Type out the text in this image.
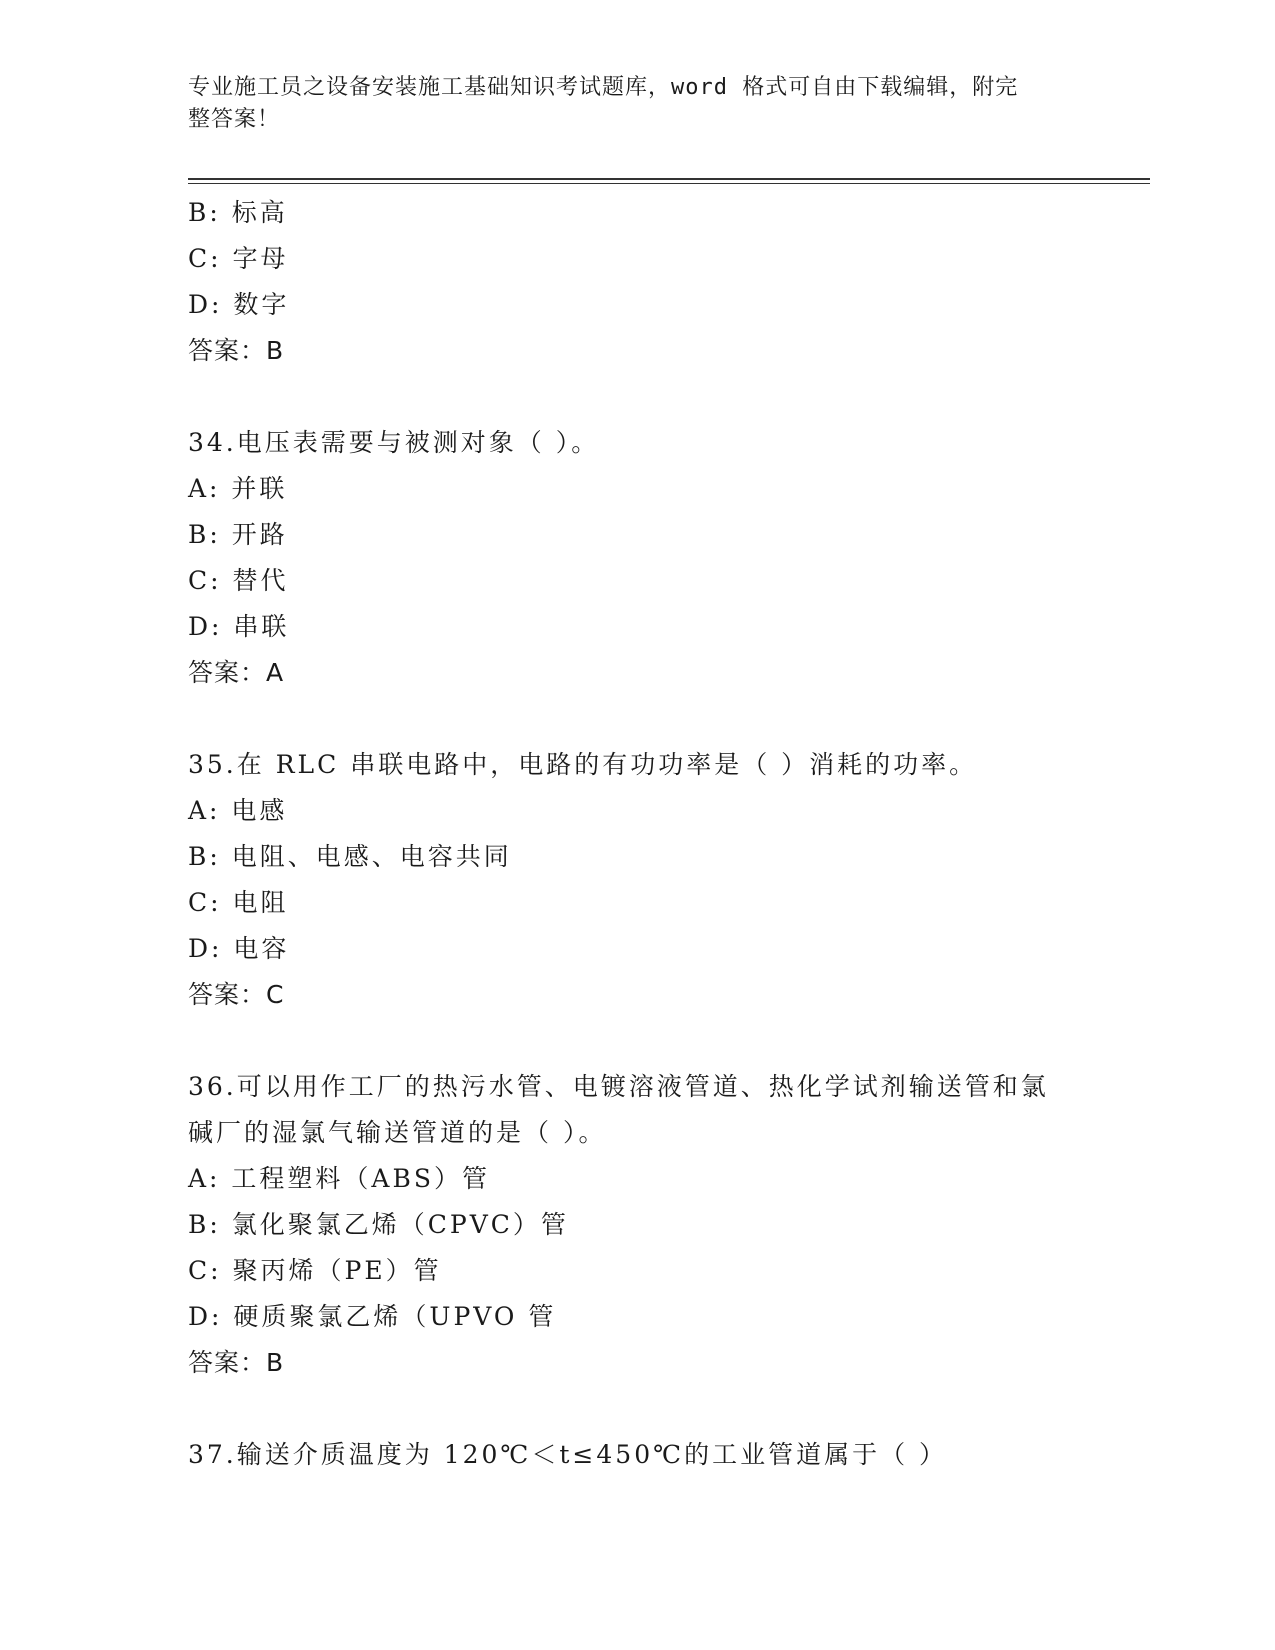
专业施工员之设备安装施工基础知识考试题库，word 格式可自由下载编辑，附完
整答案！
B: 标高
C: 字母
D: 数字
答案：B
34.电压表需要与被测对象（ ）。
A: 并联
B: 开路
C: 替代
D: 串联
答案：A
35.在 RLC 串联电路中，电路的有功功率是（ ）消耗的功率。
A: 电感
B: 电阻、电感、电容共同
C: 电阻
D: 电容
答案：C
36.可以用作工厂的热污水管、电镀溶液管道、热化学试剂输送管和氯
碱厂的湿氯气输送管道的是（ ）。
A: 工程塑料（ABS）管
B: 氯化聚氯乙烯（CPVC）管
C: 聚丙烯（PE）管
D: 硬质聚氯乙烯（UPVO 管
答案：B
37.输送介质温度为 120℃＜t≤450℃的工业管道属于（ ）
